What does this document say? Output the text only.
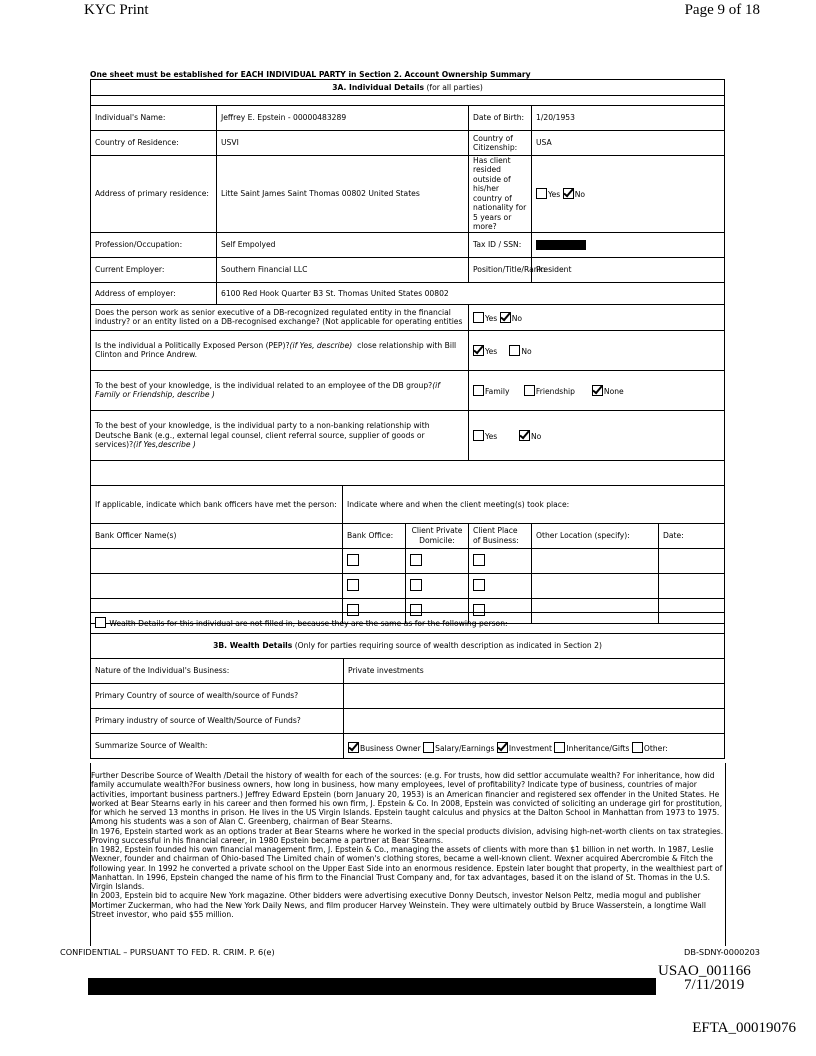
KYC Print	Page 9 of 18
One sheet must be established for EACH INDIVIDUAL PARTY in Section 2. Account Ownership Summary
3A. Individual Details (for all parties)						

Individual's Name:	Jeffrey E. Epstein - 00000483289			Date of Birth:	1/20/1953	
Country of Residence:	USVI			Country of Citizenship:	USA	
Address of primary residence:	Litte Saint James Saint Thomas 00802 United States			Has client resided outside of his/her country of nationality for 5 years or more?	Yes No	
Profession/Occupation:	Self Empolyed			Tax ID / SSN:		
Current Employer:	Southern Financial LLC			Position/Title/Rank:	President	
Address of employer:	6100 Red Hook Quarter B3 St. Thomas United States 00802					
Does the person work as senior executive of a DB-recognized regulated entity in the financial industry? or an entity listed on a DB-recognised exchange? (Not applicable for operating entities				Yes No		
Is the individual a Politically Exposed Person (PEP)?(if Yes, describe) close relationship with Bill Clinton and Prince Andrew.				Yes No		
To the best of your knowledge, is the individual related to an employee of the DB group?(if Family or Friendship, describe )				Family Friendship None		
To the best of your knowledge, is the individual party to a non-banking relationship with Deutsche Bank (e.g., external legal counsel, client referral source, supplier of goods or services)?(if Yes,describe )				Yes No		

If applicable, indicate which bank officers have met the person:		Indicate where and when the client meeting(s) took place:				
Bank Officer Name(s)		Bank Office:	Client Private Domicile:	Client Place of Business:	Other Location (specify):	Date:

Wealth Details for this individual are not filled in, because they are the same as for the following person:	
3B. Wealth Details (Only for parties requiring source of wealth description as indicated in Section 2)	
Nature of the Individual's Business:	Private investments
Primary Country of source of wealth/source of Funds?	
Primary industry of source of Wealth/Source of Funds?	
Summarize Source of Wealth:	Business Owner Salary/Earnings Investment Inheritance/Gifts Other:

Further Describe Source of Wealth /Detail the history of wealth for each of the sources: (e.g. For trusts, how did settlor accumulate wealth? For inheritance, how did family accumulate wealth?For business owners, how long in business, how many employees, level of profitability? Indicate type of business, countries of major activities, important business partners.) Jeffrey Edward Epstein (born January 20, 1953) is an American financier and registered sex offender in the United States. He worked at Bear Stearns early in his career and then formed his own firm, J. Epstein & Co. In 2008, Epstein was convicted of soliciting an underage girl for prostitution, for which he served 13 months in prison. He lives in the US Virgin Islands. Epstein taught calculus and physics at the Dalton School in Manhattan from 1973 to 1975. Among his students was a son of Alan C. Greenberg, chairman of Bear Stearns.

In 1976, Epstein started work as an options trader at Bear Stearns where he worked in the special products division, advising high-net-worth clients on tax strategies. Proving successful in his financial career, in 1980 Epstein became a partner at Bear Stearns.

In 1982, Epstein founded his own financial management firm, J. Epstein & Co., managing the assets of clients with more than $1 billion in net worth. In 1987, Leslie Wexner, founder and chairman of Ohio-based The Limited chain of women's clothing stores, became a well-known client. Wexner acquired Abercrombie & Fitch the following year. In 1992 he converted a private school on the Upper East Side into an enormous residence. Epstein later bought that property, in the wealthiest part of Manhattan. In 1996, Epstein changed the name of his firm to the Financial Trust Company and, for tax advantages, based it on the island of St. Thomas in the U.S. Virgin Islands.

In 2003, Epstein bid to acquire New York magazine. Other bidders were advertising executive Donny Deutsch, investor Nelson Peltz, media mogul and publisher Mortimer Zuckerman, who had the New York Daily News, and film producer Harvey Weinstein. They were ultimately outbid by Bruce Wasserstein, a longtime Wall Street investor, who paid $55 million.

CONFIDENTIAL – PURSUANT TO FED. R. CRIM. P. 6(e)	DB-SDNY-0000203
USAO_001166
7/11/2019
EFTA_00019076
